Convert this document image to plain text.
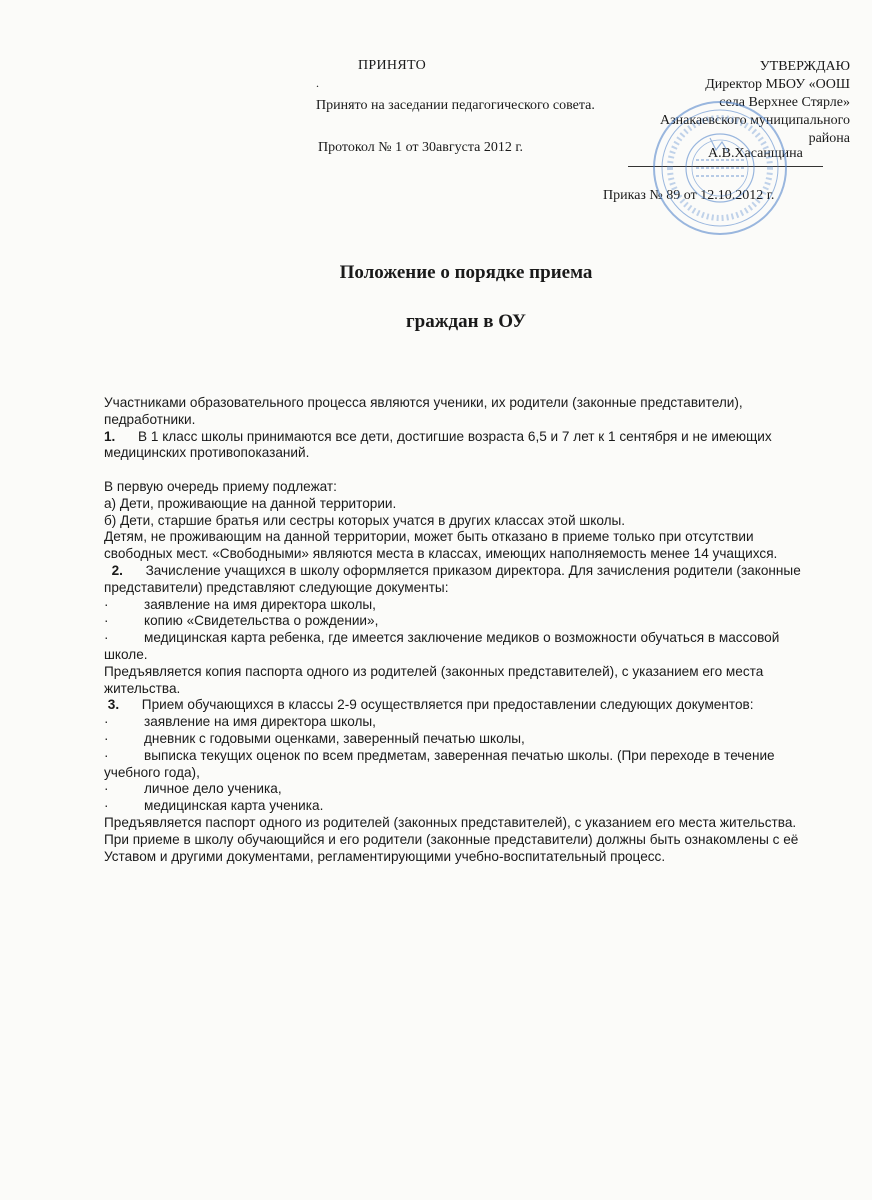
ПРИНЯТО
.
Принято на заседании педагогического совета.
Протокол № 1 от 30августа 2012 г.
УТВЕРЖДАЮ
Директор МБОУ «ООШ
села Верхнее Стярле»
Азнакаевского муниципального
района
А.В.Хасанщина
Приказ № 89 от 12.10.2012 г.
Положение о порядке приема
граждан в ОУ

Участниками образовательного процесса являются ученики, их родители (законные представители), педработники.

1. В 1 класс школы принимаются все дети, достигшие возраста 6,5 и 7 лет к 1 сентября и не имеющих медицинских противопоказаний.

В первую очередь приему подлежат:

а) Дети, проживающие на данной территории.

б) Дети, старшие братья или сестры которых учатся в других классах этой школы.

Детям, не проживающим на данной территории, может быть отказано в приеме только при отсутствии свободных мест. «Свободными» являются места в классах, имеющих наполняемость менее 14 учащихся.

2. Зачисление учащихся в школу оформляется приказом директора. Для зачисления родители (законные представители) представляют следующие документы:

·	заявление на имя директора школы,

·	копию «Свидетельства о рождении»,

·	медицинская карта ребенка, где имеется заключение медиков о возможности обучаться в массовой школе.

Предъявляется копия паспорта одного из родителей (законных представителей), с указанием его места жительства.

3. Прием обучающихся в классы 2-9 осуществляется при предоставлении следующих документов:

·	заявление на имя директора школы,

·	дневник с годовыми оценками, заверенный печатью школы,

·	выписка текущих оценок по всем предметам, заверенная печатью школы. (При переходе в течение учебного года),

·	личное дело ученика,

·	медицинская карта ученика.

Предъявляется паспорт одного из родителей (законных представителей), с указанием его места жительства.

При приеме в школу обучающийся и его родители (законные представители) должны быть ознакомлены с её Уставом и другими документами, регламентирующими учебно-воспитательный процесс.
